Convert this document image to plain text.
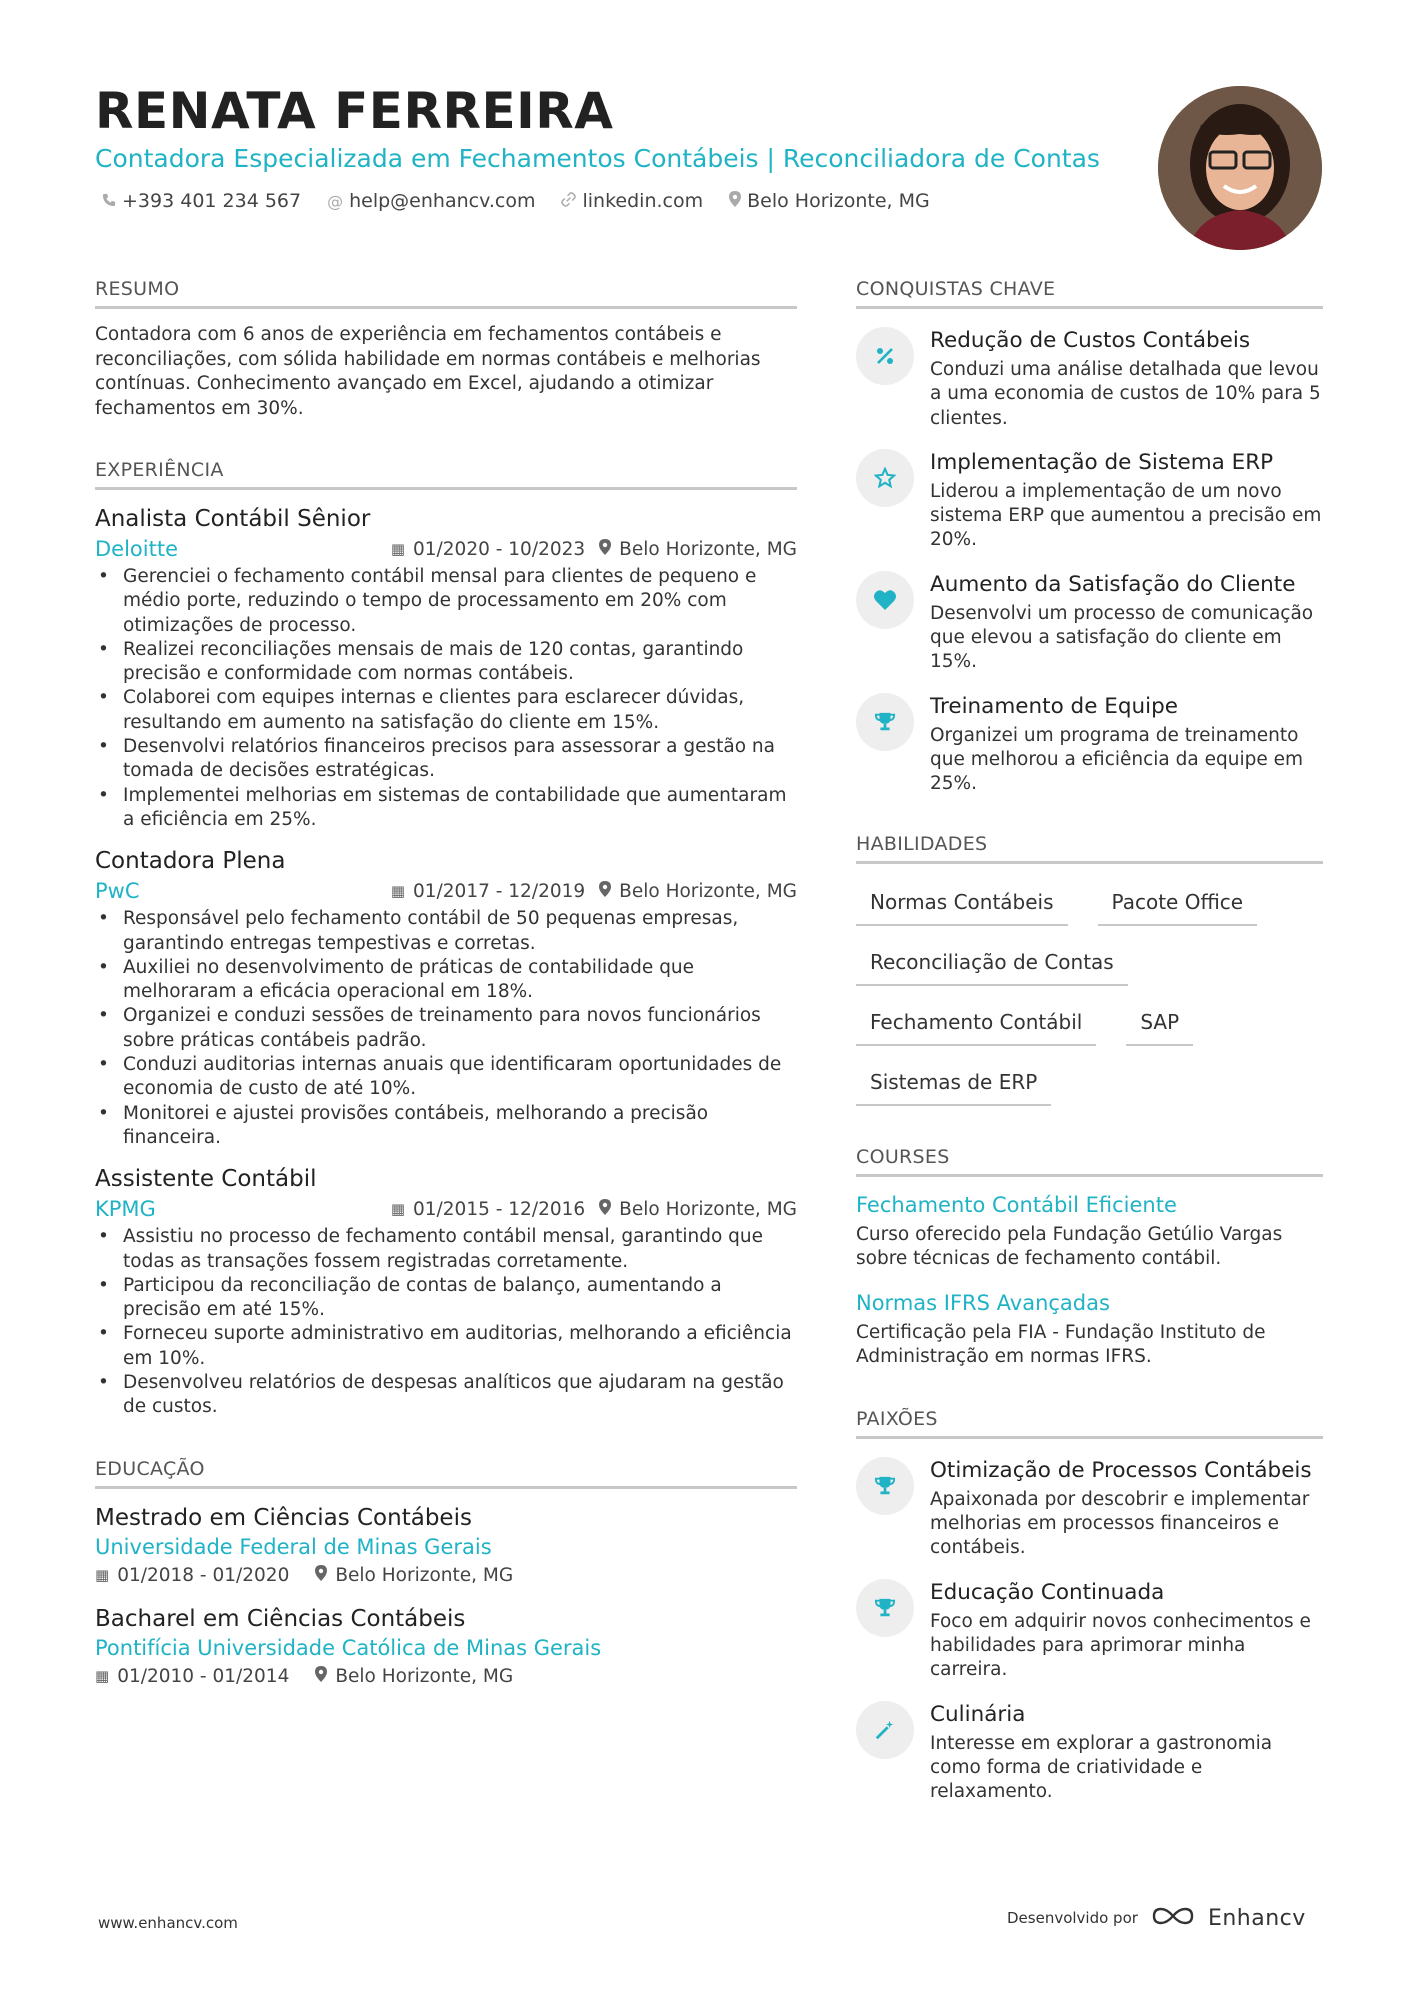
RENATA FERREIRA
Contadora Especializada em Fechamentos Contábeis | Reconciliadora de Contas
+393 401 234 567 @ help@enhancv.com linkedin.com Belo Horizonte, MG
RESUMO
Contadora com 6 anos de experiência em fechamentos contábeis e reconciliações, com sólida habilidade em normas contábeis e melhorias contínuas. Conhecimento avançado em Excel, ajudando a otimizar fechamentos em 30%.
EXPERIÊNCIA
Analista Contábil Sênior
Deloitte	▦ 01/2020 - 10/2023 Belo Horizonte, MG
• Gerenciei o fechamento contábil mensal para clientes de pequeno e médio porte, reduzindo o tempo de processamento em 20% com otimizações de processo.
• Realizei reconciliações mensais de mais de 120 contas, garantindo precisão e conformidade com normas contábeis.
• Colaborei com equipes internas e clientes para esclarecer dúvidas, resultando em aumento na satisfação do cliente em 15%.
• Desenvolvi relatórios financeiros precisos para assessorar a gestão na tomada de decisões estratégicas.
• Implementei melhorias em sistemas de contabilidade que aumentaram a eficiência em 25%.
Contadora Plena
PwC	▦ 01/2017 - 12/2019 Belo Horizonte, MG
• Responsável pelo fechamento contábil de 50 pequenas empresas, garantindo entregas tempestivas e corretas.
• Auxiliei no desenvolvimento de práticas de contabilidade que melhoraram a eficácia operacional em 18%.
• Organizei e conduzi sessões de treinamento para novos funcionários sobre práticas contábeis padrão.
• Conduzi auditorias internas anuais que identificaram oportunidades de economia de custo de até 10%.
• Monitorei e ajustei provisões contábeis, melhorando a precisão financeira.
Assistente Contábil
KPMG	▦ 01/2015 - 12/2016 Belo Horizonte, MG
• Assistiu no processo de fechamento contábil mensal, garantindo que todas as transações fossem registradas corretamente.
• Participou da reconciliação de contas de balanço, aumentando a precisão em até 15%.
• Forneceu suporte administrativo em auditorias, melhorando a eficiência em 10%.
• Desenvolveu relatórios de despesas analíticos que ajudaram na gestão de custos.
EDUCAÇÃO
Mestrado em Ciências Contábeis
Universidade Federal de Minas Gerais
▦ 01/2018 - 01/2020 Belo Horizonte, MG
Bacharel em Ciências Contábeis
Pontifícia Universidade Católica de Minas Gerais
▦ 01/2010 - 01/2014 Belo Horizonte, MG
CONQUISTAS CHAVE
Redução de Custos Contábeis
Conduzi uma análise detalhada que levou a uma economia de custos de 10% para 5 clientes.
Implementação de Sistema ERP
Liderou a implementação de um novo sistema ERP que aumentou a precisão em 20%.
Aumento da Satisfação do Cliente
Desenvolvi um processo de comunicação que elevou a satisfação do cliente em 15%.
Treinamento de Equipe
Organizei um programa de treinamento que melhorou a eficiência da equipe em 25%.
HABILIDADES
Normas Contábeis	Pacote Office
Reconciliação de Contas
Fechamento Contábil	SAP
Sistemas de ERP
COURSES
Fechamento Contábil Eficiente
Curso oferecido pela Fundação Getúlio Vargas sobre técnicas de fechamento contábil.
Normas IFRS Avançadas
Certificação pela FIA - Fundação Instituto de Administração em normas IFRS.
PAIXÕES
Otimização de Processos Contábeis
Apaixonada por descobrir e implementar melhorias em processos financeiros e contábeis.
Educação Continuada
Foco em adquirir novos conhecimentos e habilidades para aprimorar minha carreira.
Culinária
Interesse em explorar a gastronomia como forma de criatividade e relaxamento.
www.enhancv.com	Desenvolvido por	Enhancv
